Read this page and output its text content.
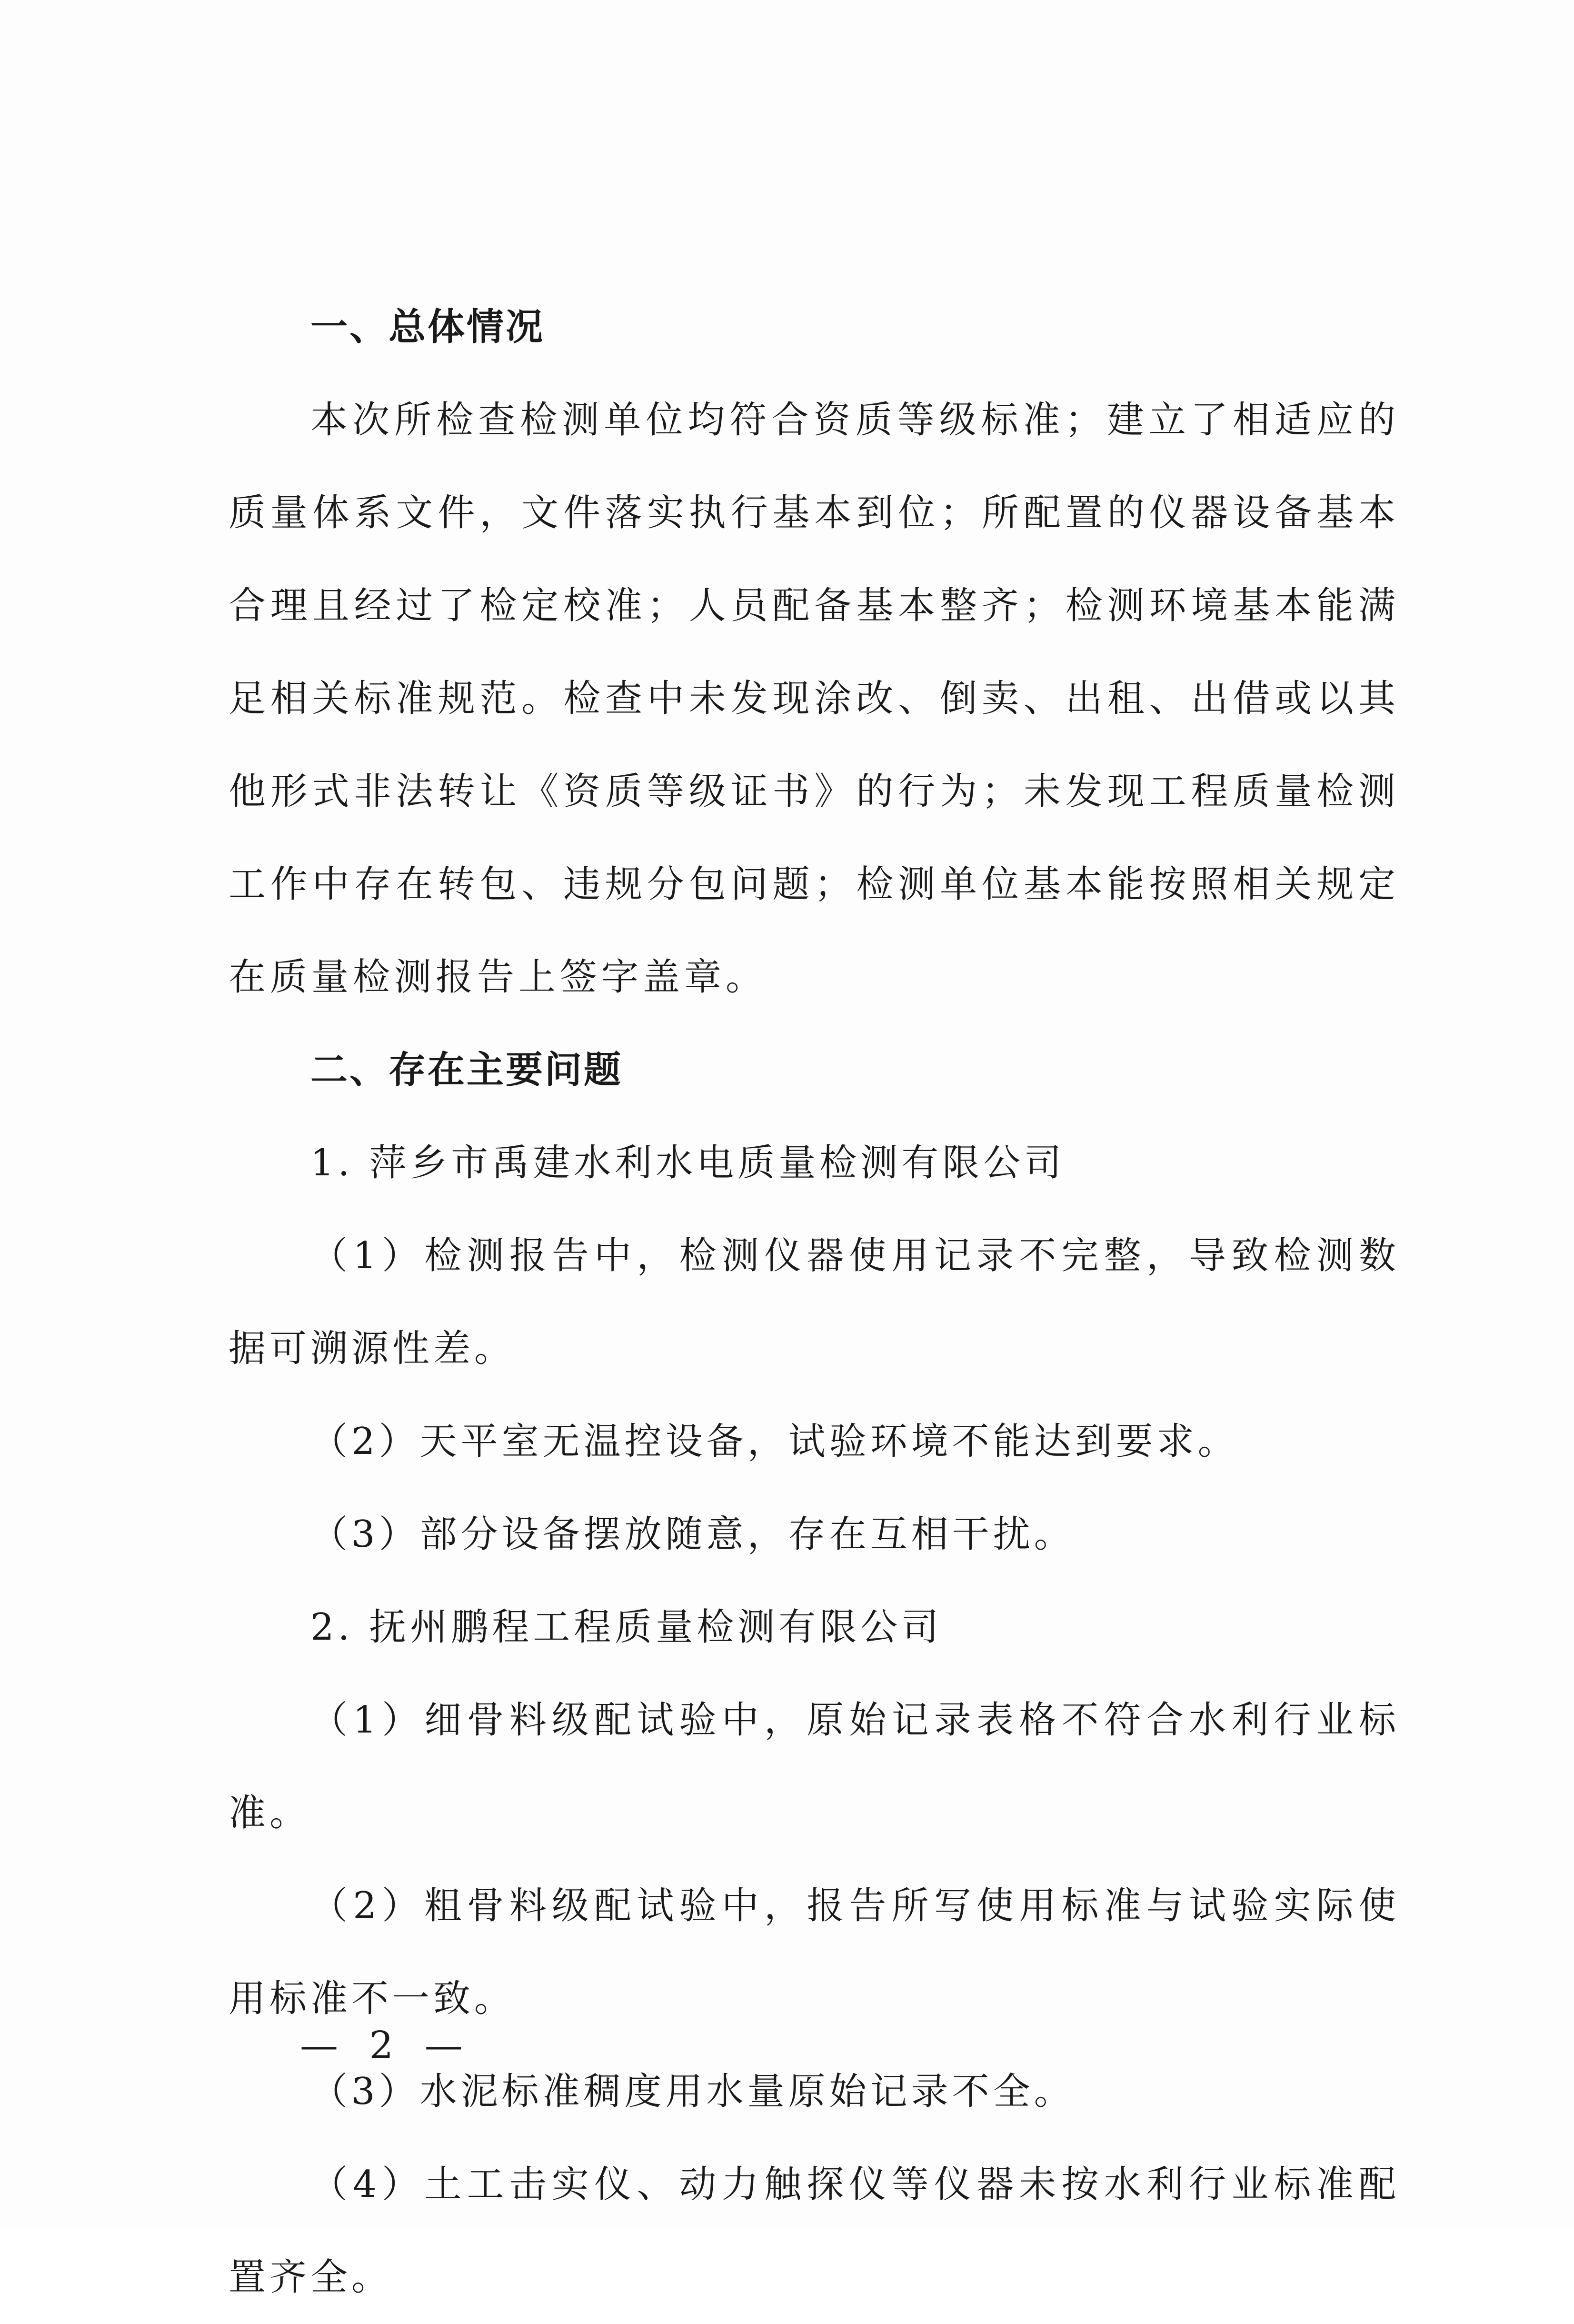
一、总体情况

本次所检查检测单位均符合资质等级标准；建立了相适应的质量体系文件，文件落实执行基本到位；所配置的仪器设备基本合理且经过了检定校准；人员配备基本整齐；检测环境基本能满足相关标准规范。检查中未发现涂改、倒卖、出租、出借或以其他形式非法转让《资质等级证书》的行为；未发现工程质量检测工作中存在转包、违规分包问题；检测单位基本能按照相关规定在质量检测报告上签字盖章。

二、存在主要问题

1. 萍乡市禹建水利水电质量检测有限公司

（1）检测报告中，检测仪器使用记录不完整，导致检测数据可溯源性差。

（2）天平室无温控设备，试验环境不能达到要求。

（3）部分设备摆放随意，存在互相干扰。

2. 抚州鹏程工程质量检测有限公司

（1）细骨料级配试验中，原始记录表格不符合水利行业标准。

（2）粗骨料级配试验中，报告所写使用标准与试验实际使用标准不一致。

（3）水泥标准稠度用水量原始记录不全。

（4）土工击实仪、动力触探仪等仪器未按水利行业标准配置齐全。

— 2 —
